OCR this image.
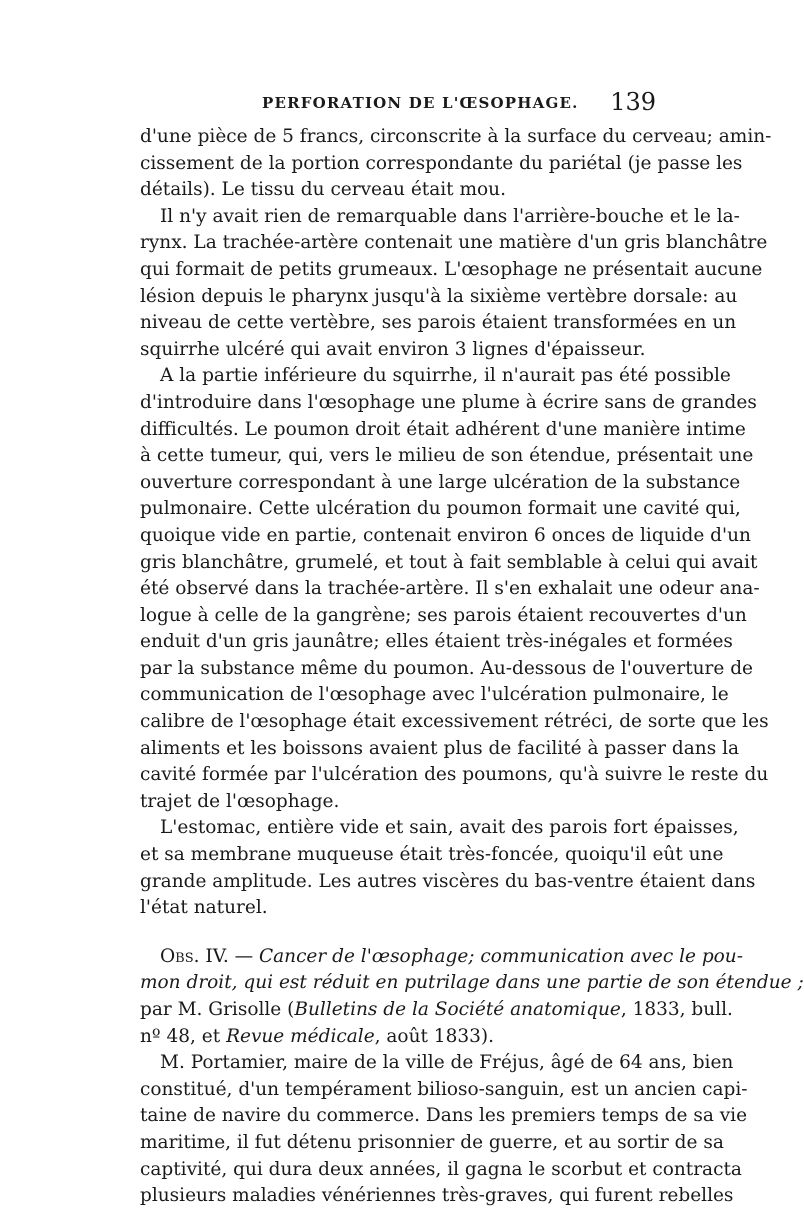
PERFORATION DE L'ŒSOPHAGE. 139
d'une pièce de 5 francs, circonscrite à la surface du cerveau; amin-
cissement de la portion correspondante du pariétal (je passe les
détails). Le tissu du cerveau était mou.
Il n'y avait rien de remarquable dans l'arrière-bouche et le la-
rynx. La trachée-artère contenait une matière d'un gris blanchâtre
qui formait de petits grumeaux. L'œsophage ne présentait aucune
lésion depuis le pharynx jusqu'à la sixième vertèbre dorsale: au
niveau de cette vertèbre, ses parois étaient transformées en un
squirrhe ulcéré qui avait environ 3 lignes d'épaisseur.
A la partie inférieure du squirrhe, il n'aurait pas été possible
d'introduire dans l'œsophage une plume à écrire sans de grandes
difficultés. Le poumon droit était adhérent d'une manière intime
à cette tumeur, qui, vers le milieu de son étendue, présentait une
ouverture correspondant à une large ulcération de la substance
pulmonaire. Cette ulcération du poumon formait une cavité qui,
quoique vide en partie, contenait environ 6 onces de liquide d'un
gris blanchâtre, grumelé, et tout à fait semblable à celui qui avait
été observé dans la trachée-artère. Il s'en exhalait une odeur ana-
logue à celle de la gangrène; ses parois étaient recouvertes d'un
enduit d'un gris jaunâtre; elles étaient très-inégales et formées
par la substance même du poumon. Au-dessous de l'ouverture de
communication de l'œsophage avec l'ulcération pulmonaire, le
calibre de l'œsophage était excessivement rétréci, de sorte que les
aliments et les boissons avaient plus de facilité à passer dans la
cavité formée par l'ulcération des poumons, qu'à suivre le reste du
trajet de l'œsophage.
L'estomac, entière vide et sain, avait des parois fort épaisses,
et sa membrane muqueuse était très-foncée, quoiqu'il eût une
grande amplitude. Les autres viscères du bas-ventre étaient dans
l'état naturel.
Obs. IV. — Cancer de l'œsophage; communication avec le pou-
mon droit, qui est réduit en putrilage dans une partie de son étendue ;
par M. Grisolle (Bulletins de la Société anatomique, 1833, bull.
nº 48, et Revue médicale, août 1833).
M. Portamier, maire de la ville de Fréjus, âgé de 64 ans, bien
constitué, d'un tempérament bilioso-sanguin, est un ancien capi-
taine de navire du commerce. Dans les premiers temps de sa vie
maritime, il fut détenu prisonnier de guerre, et au sortir de sa
captivité, qui dura deux années, il gagna le scorbut et contracta
plusieurs maladies vénériennes très-graves, qui furent rebelles
